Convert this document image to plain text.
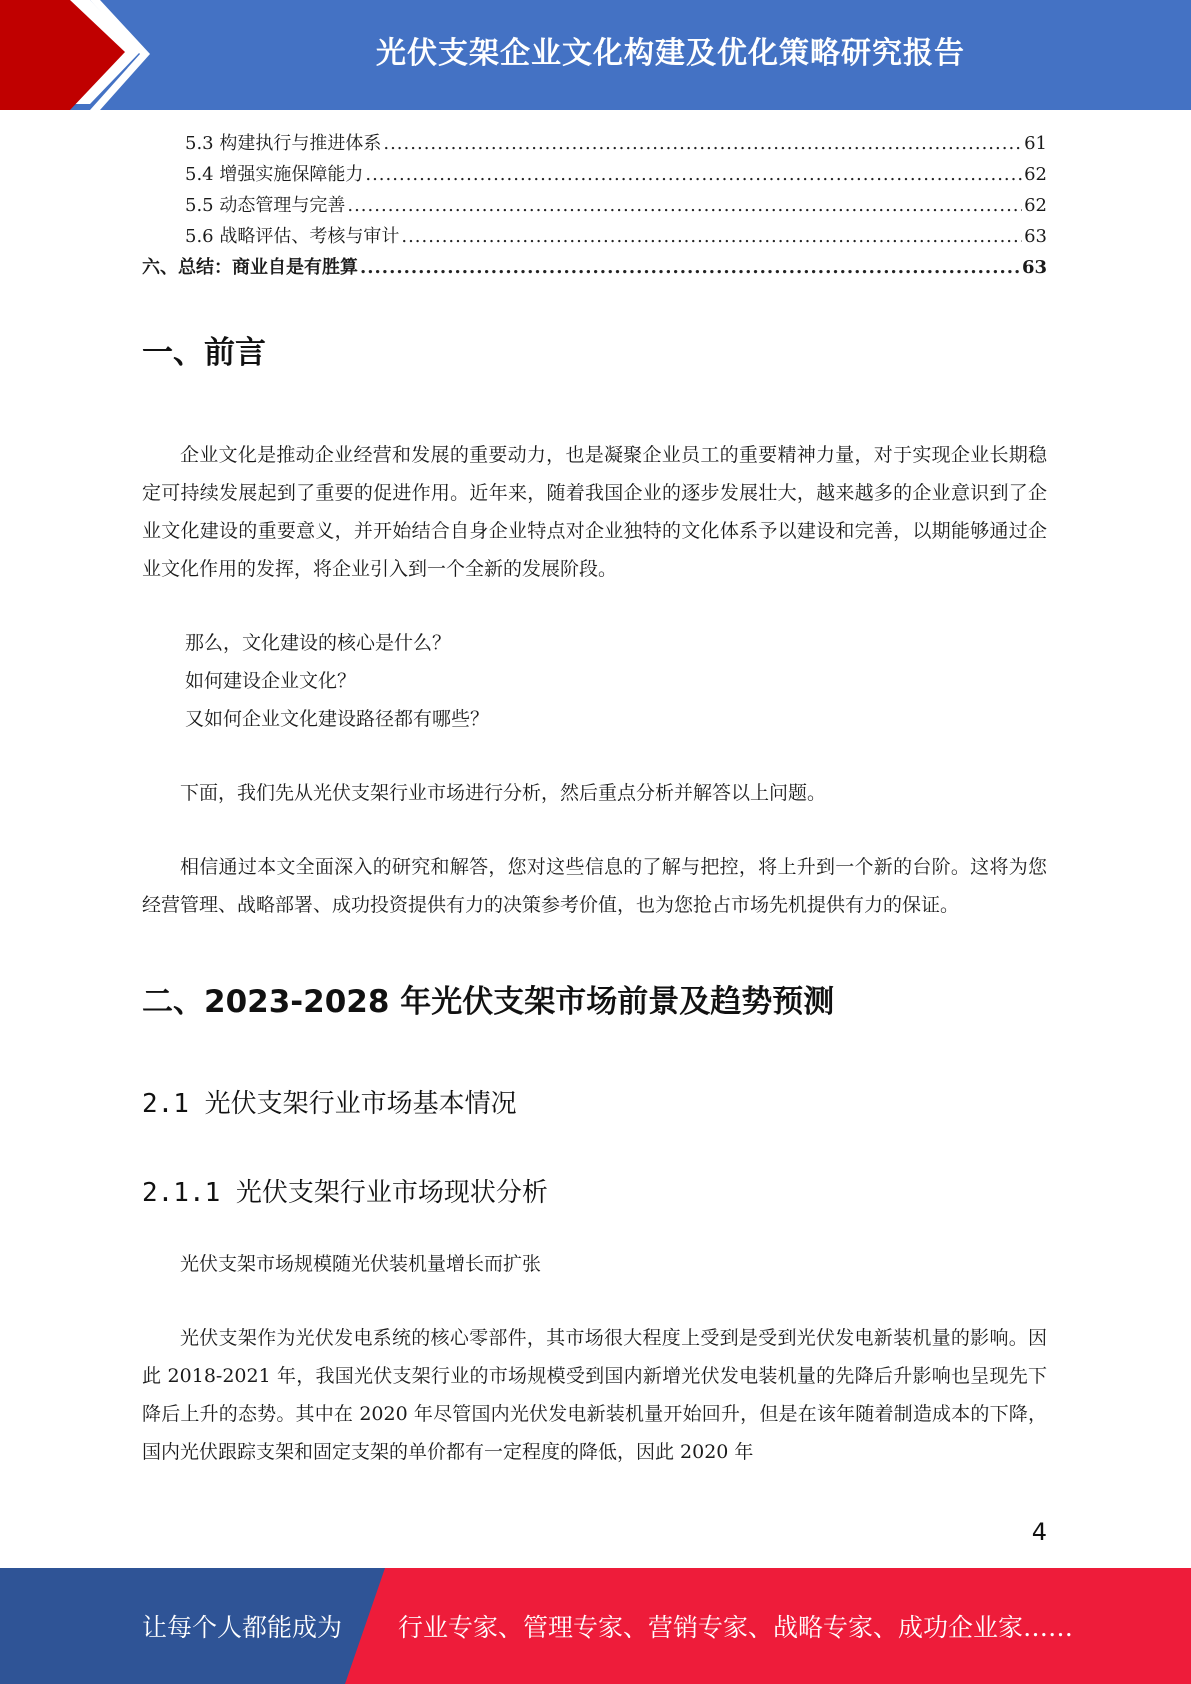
光伏支架企业文化构建及优化策略研究报告
5.3 构建执行与推进体系 .....	61
5.4 增强实施保障能力 .....	62
5.5 动态管理与完善 .....	62
5.6 战略评估、考核与审计 .....	63
六、总结：商业自是有胜算 .....	63
一、前言

企业文化是推动企业经营和发展的重要动力，也是凝聚企业员工的重要精神力量，对于实现企业长期稳定可持续发展起到了重要的促进作用。近年来，随着我国企业的逐步发展壮大，越来越多的企业意识到了企业文化建设的重要意义，并开始结合自身企业特点对企业独特的文化体系予以建设和完善，以期能够通过企业文化作用的发挥，将企业引入到一个全新的发展阶段。

那么，文化建设的核心是什么？

如何建设企业文化？

又如何企业文化建设路径都有哪些？

下面，我们先从光伏支架行业市场进行分析，然后重点分析并解答以上问题。

相信通过本文全面深入的研究和解答，您对这些信息的了解与把控，将上升到一个新的台阶。这将为您经营管理、战略部署、成功投资提供有力的决策参考价值，也为您抢占市场先机提供有力的保证。

二、2023-2028 年光伏支架市场前景及趋势预测
2.1 光伏支架行业市场基本情况
2.1.1 光伏支架行业市场现状分析

光伏支架市场规模随光伏装机量增长而扩张

光伏支架作为光伏发电系统的核心零部件，其市场很大程度上受到是受到光伏发电新装机量的影响。因此 2018-2021 年，我国光伏支架行业的市场规模受到国内新增光伏发电装机量的先降后升影响也呈现先下降后上升的态势。其中在 2020 年尽管国内光伏发电新装机量开始回升，但是在该年随着制造成本的下降，国内光伏跟踪支架和固定支架的单价都有一定程度的降低，因此 2020 年

4
让每个人都能成为 行业专家、管理专家、营销专家、战略专家、成功企业家……
